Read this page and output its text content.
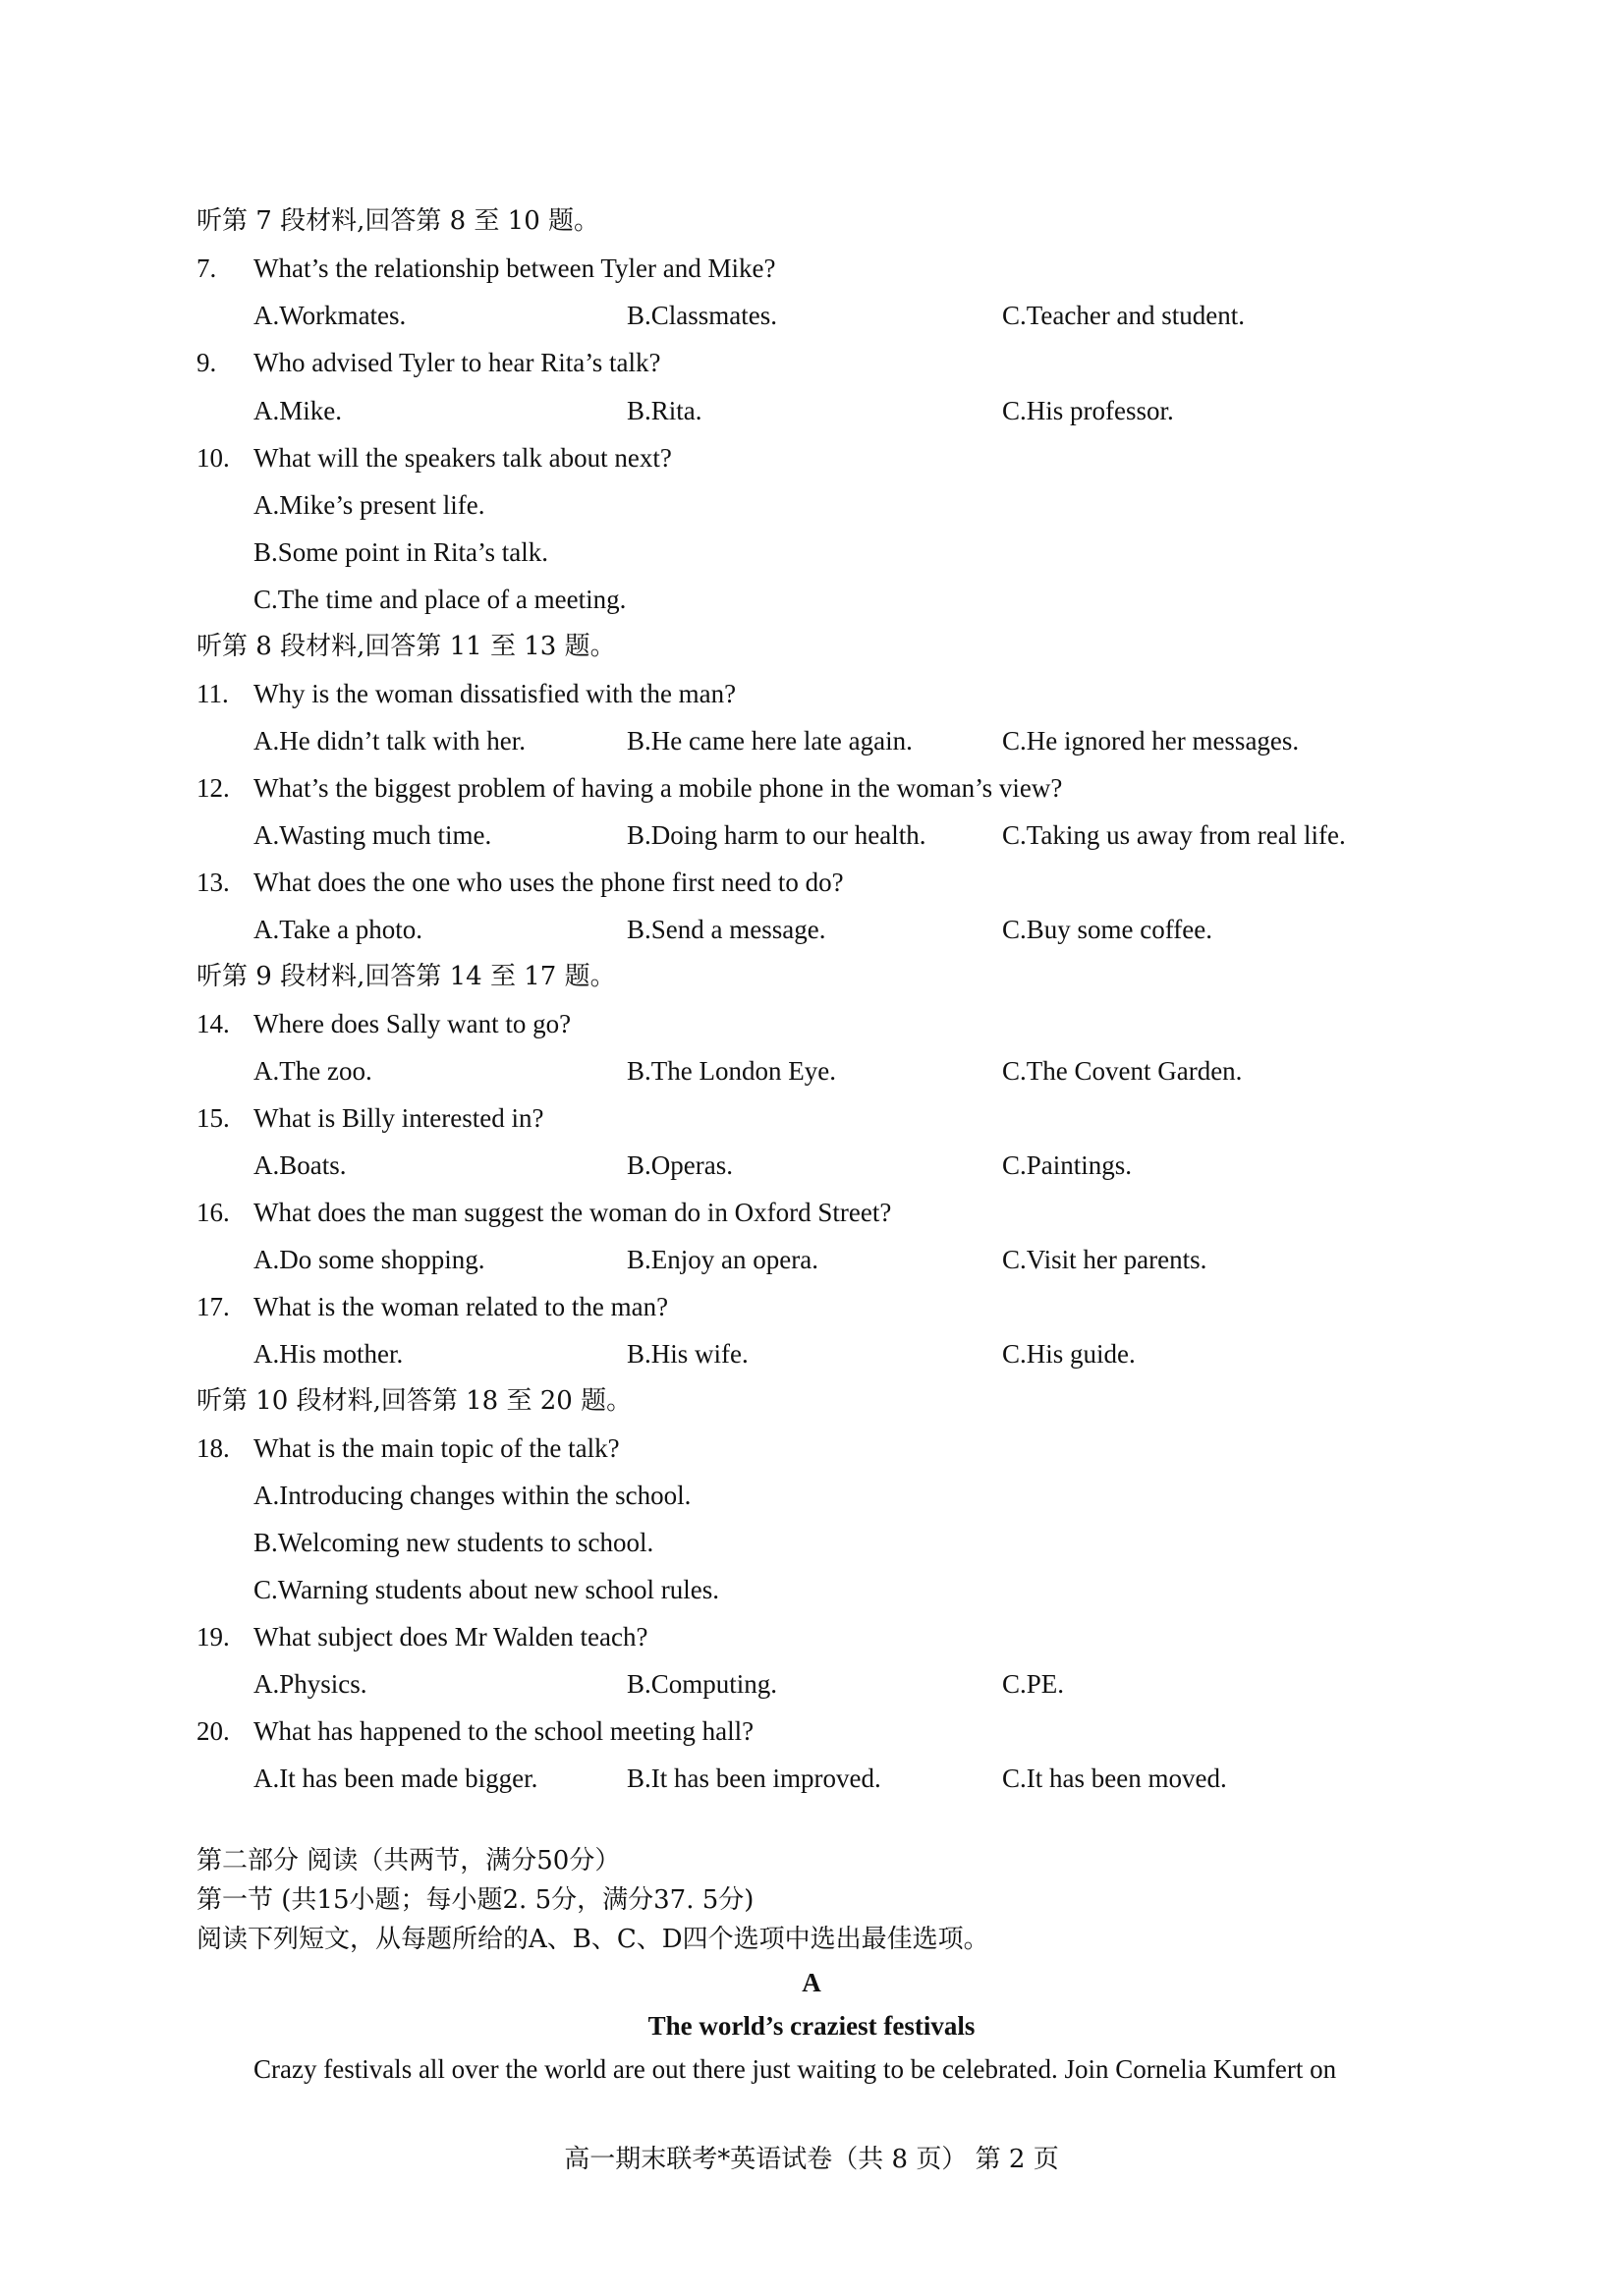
听第 7 段材料,回答第 8 至 10 题。
7.	What’s the relationship between Tyler and Mike?
A.Workmates.	B.Classmates.	C.Teacher and student.
9.	Who advised Tyler to hear Rita’s talk?
A.Mike.	B.Rita.	C.His professor.
10. What will the speakers talk about next?
A.Mike’s present life.
B.Some point in Rita’s talk.
C.The time and place of a meeting.
听第 8 段材料,回答第 11 至 13 题。
11. Why is the woman dissatisfied with the man?
A.He didn’t talk with her.	B.He came here late again.	C.He ignored her messages.
12. What’s the biggest problem of having a mobile phone in the woman’s view?
A.Wasting much time.	B.Doing harm to our health.	C.Taking us away from real life.
13. What does the one who uses the phone first need to do?
A.Take a photo.	B.Send a message.	C.Buy some coffee.
听第 9 段材料,回答第 14 至 17 题。
14. Where does Sally want to go?
A.The zoo.	B.The London Eye.	C.The Covent Garden.
15. What is Billy interested in?
A.Boats.	B.Operas.	C.Paintings.
16. What does the man suggest the woman do in Oxford Street?
A.Do some shopping.	B.Enjoy an opera.	C.Visit her parents.
17. What is the woman related to the man?
A.His mother.	B.His wife.	C.His guide.
听第 10 段材料,回答第 18 至 20 题。
18. What is the main topic of the talk?
A.Introducing changes within the school.
B.Welcoming new students to school.
C.Warning students about new school rules.
19. What subject does Mr Walden teach?
A.Physics.	B.Computing.	C.PE.
20. What has happened to the school meeting hall?
A.It has been made bigger.	B.It has been improved.	C.It has been moved.
第二部分 阅读（共两节，满分50分）
第一节 (共15小题；每小题2. 5分，满分37. 5分)
阅读下列短文，从每题所给的A、B、C、D四个选项中选出最佳选项。
A
The world’s craziest festivals
Crazy festivals all over the world are out there just waiting to be celebrated. Join Cornelia Kumfert on
高一期末联考*英语试卷（共 8 页） 第 2 页
